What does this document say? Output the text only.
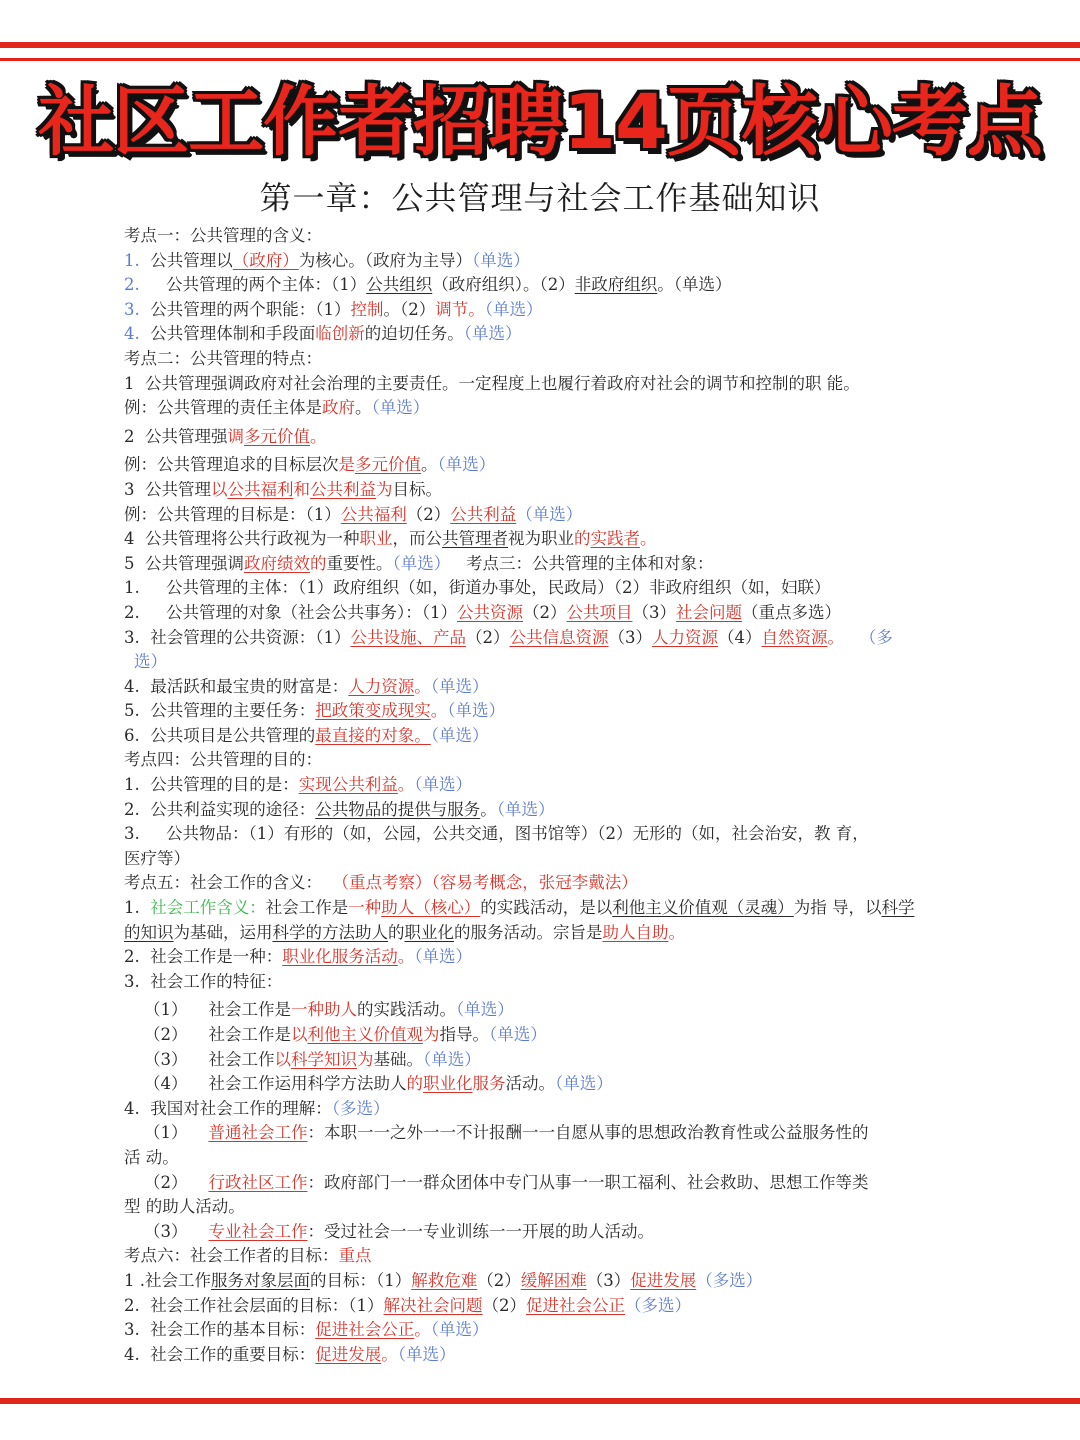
社区工作者招聘14页核心考点
第一章：公共管理与社会工作基础知识
考点一：公共管理的含义：
1. 公共管理以（政府）为核心。（政府为主导）（单选）
2. 公共管理的两个主体：（1）公共组织（政府组织）。（2）非政府组织。（单选）
3. 公共管理的两个职能：（1）控制。（2）调节。（单选）
4. 公共管理体制和手段面临创新的迫切任务。（单选）
考点二：公共管理的特点：
1 公共管理强调政府对社会治理的主要责任。一定程度上也履行着政府对社会的调节和控制的职 能。
例：公共管理的责任主体是政府。（单选）
2 公共管理强调多元价值。
例：公共管理追求的目标层次是多元价值。（单选）
3 公共管理以公共福利和公共利益为目标。
例：公共管理的目标是：（1）公共福利（2）公共利益（单选）
4 公共管理将公共行政视为一种职业，而公共管理者视为职业的实践者。
5 公共管理强调政府绩效的重要性。（单选） 考点三：公共管理的主体和对象：
1. 公共管理的主体：（1）政府组织（如，街道办事处，民政局）（2）非政府组织（如，妇联）
2. 公共管理的对象（社会公共事务）：（1）公共资源（2）公共项目（3）社会问题（重点多选）
3. 社会管理的公共资源：（1）公共设施、产品（2）公共信息资源（3）人力资源（4）自然资源。 （多
选）
4. 最活跃和最宝贵的财富是：人力资源。（单选）
5. 公共管理的主要任务：把政策变成现实。（单选）
6. 公共项目是公共管理的最直接的对象。（单选）
考点四：公共管理的目的：
1. 公共管理的目的是：实现公共利益。（单选）
2. 公共利益实现的途径：公共物品的提供与服务。（单选）
3. 公共物品：（1）有形的（如，公园，公共交通，图书馆等）（2）无形的（如，社会治安，教 育，
医疗等）
考点五：社会工作的含义： （重点考察）（容易考概念，张冠李戴法）
1. 社会工作含义：社会工作是一种助人（核心）的实践活动，是以利他主义价值观（灵魂）为指 导，以科学的知识为基础，运用科学的方法助人的职业化的服务活动。宗旨是助人自助。
2. 社会工作是一种：职业化服务活动。（单选）
3. 社会工作的特征：
（1） 社会工作是一种助人的实践活动。（单选）
（2） 社会工作是以利他主义价值观为指导。（单选）
（3） 社会工作以科学知识为基础。（单选）
（4） 社会工作运用科学方法助人的职业化服务活动。（单选）
4. 我国对社会工作的理解：（多选）
（1） 普通社会工作：本职一一之外一一不计报酬一一自愿从事的思想政治教育性或公益服务性的
活 动。
（2） 行政社区工作：政府部门一一群众团体中专门从事一一职工福利、社会救助、思想工作等类
型 的助人活动。
（3） 专业社会工作：受过社会一一专业训练一一开展的助人活动。
考点六：社会工作者的目标：重点
1 .社会工作服务对象层面的目标：（1）解救危难（2）缓解困难（3）促进发展（多选）
2. 社会工作社会层面的目标：（1）解决社会问题（2）促进社会公正（多选）
3. 社会工作的基本目标：促进社会公正。（单选）
4. 社会工作的重要目标：促进发展。（单选）
